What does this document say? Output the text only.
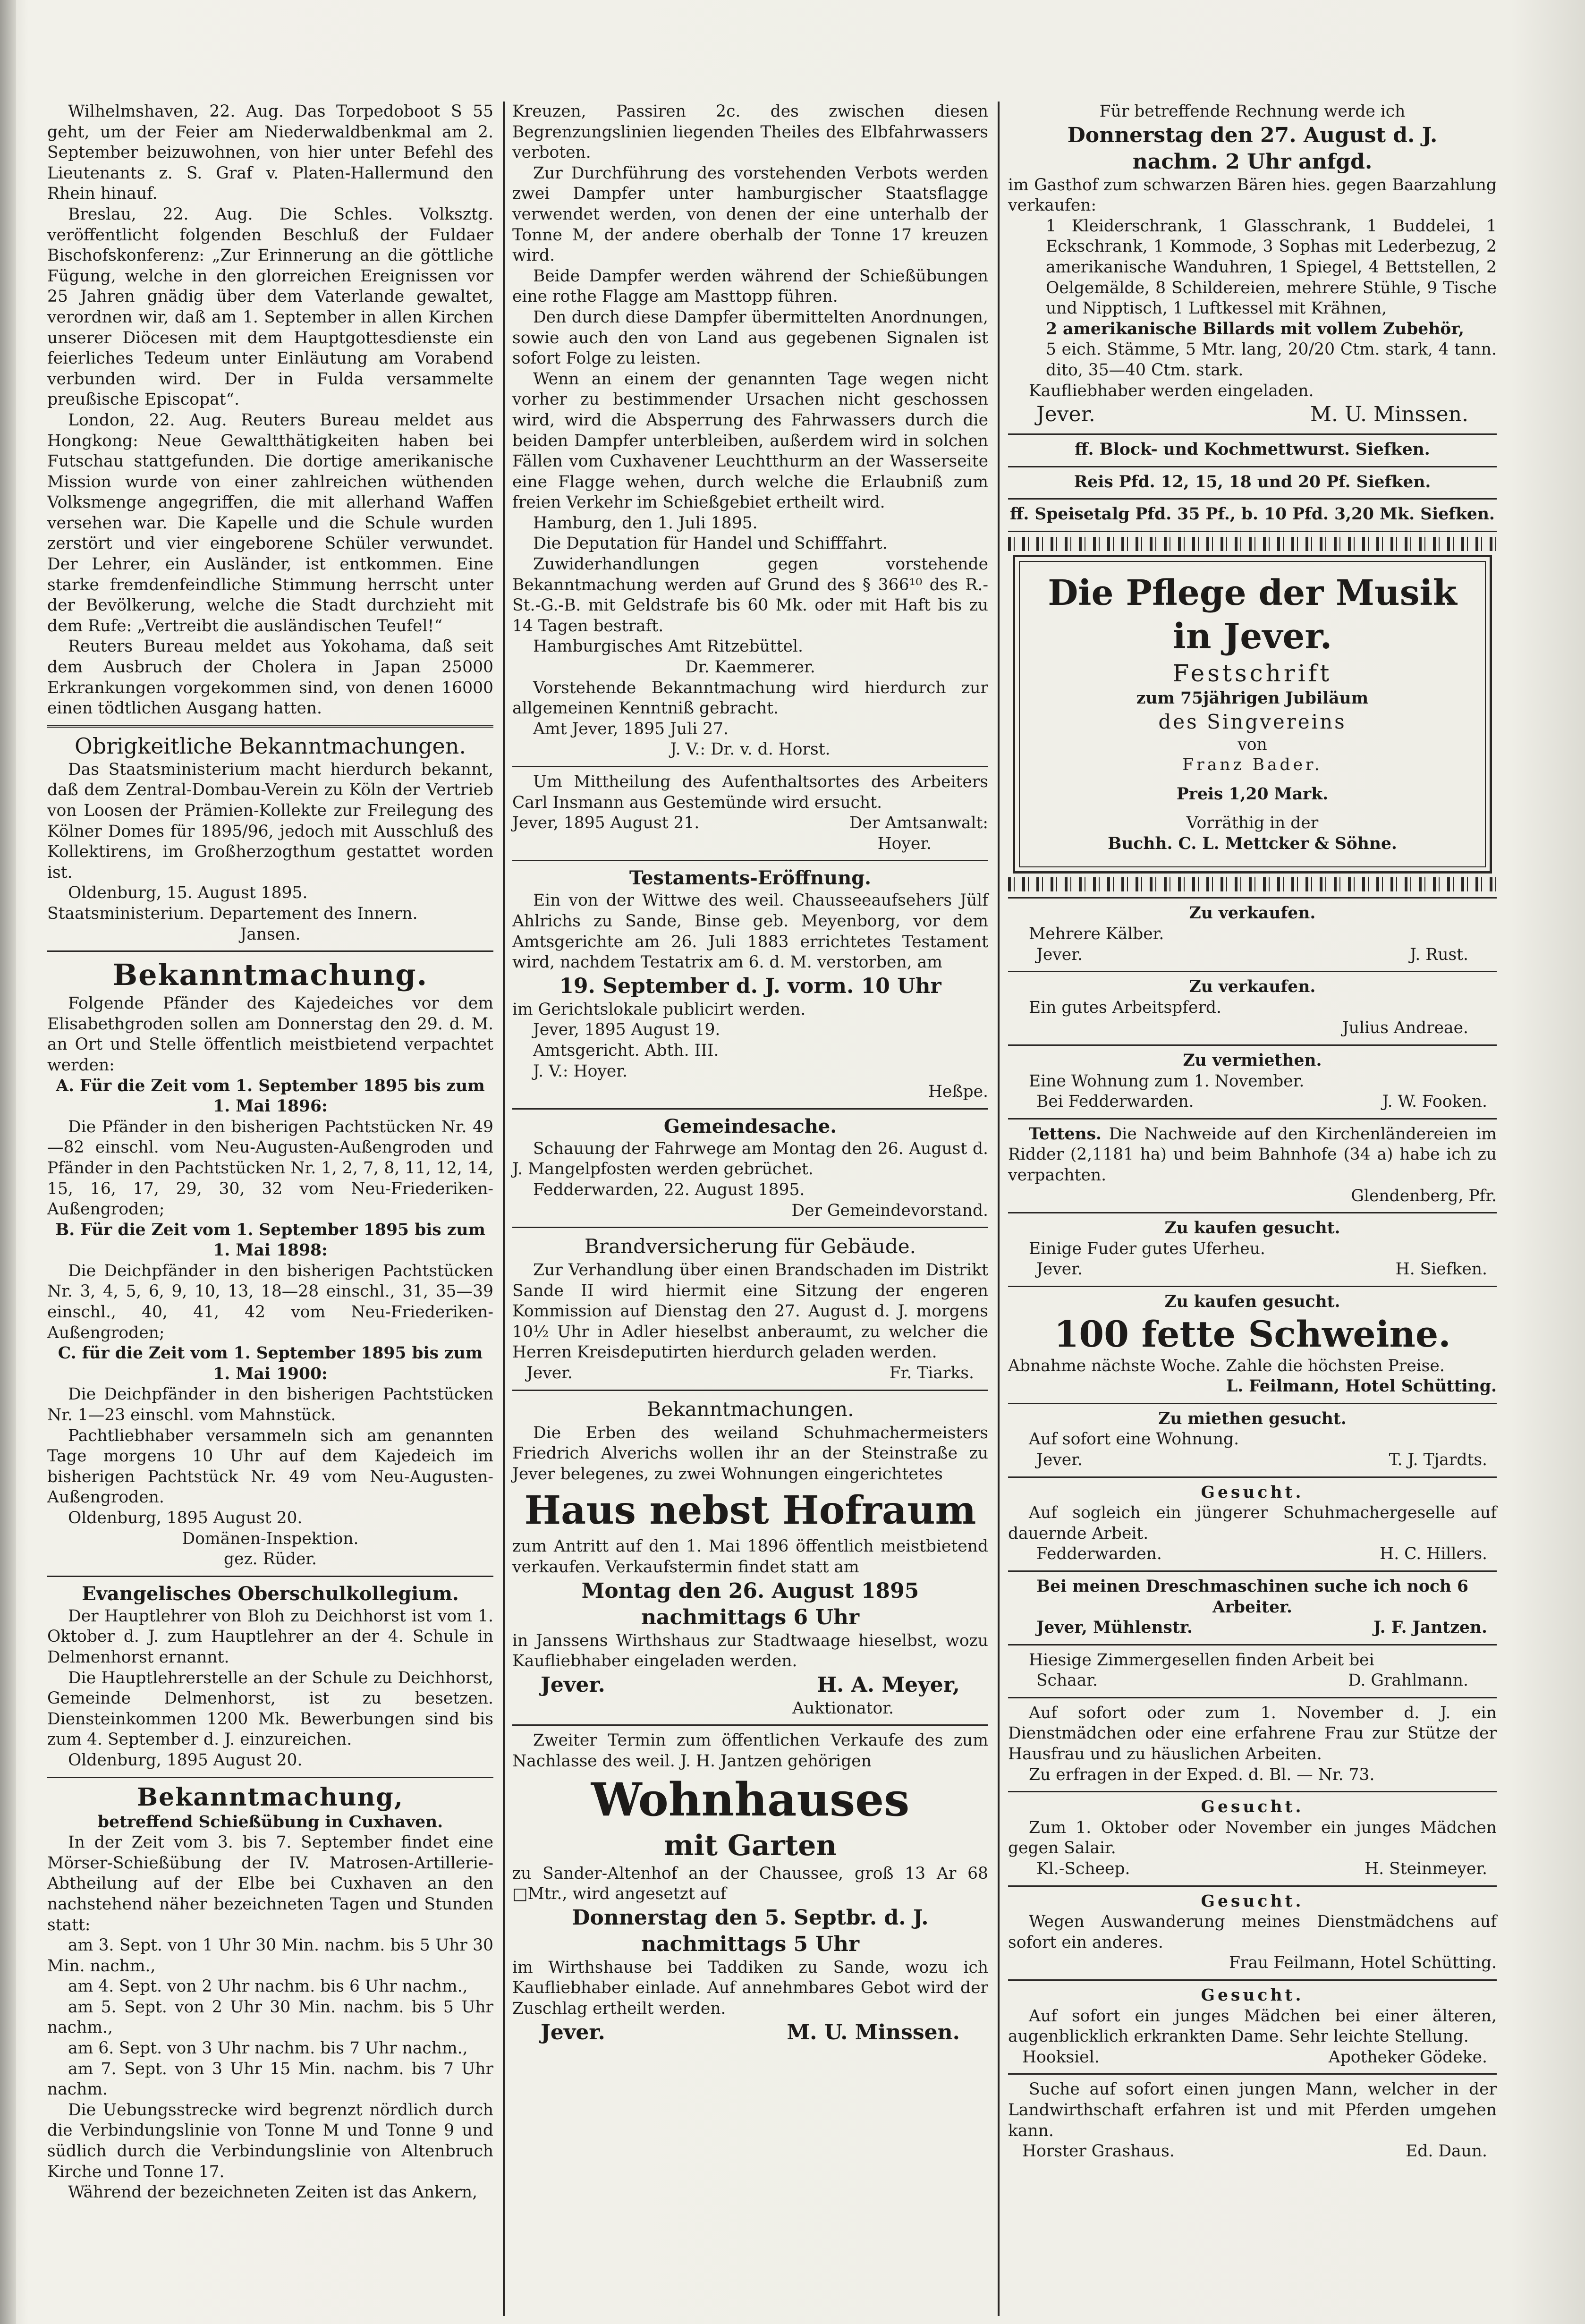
Wilhelmshaven, 22. Aug. Das Torpedoboot S 55 geht, um der Feier am Niederwaldbenkmal am 2. September beizuwohnen, von hier unter Befehl des Lieutenants z. S. Graf v. Platen-Hallermund den Rhein hinauf.

Breslau, 22. Aug. Die Schles. Volksztg. veröffentlicht folgenden Beschluß der Fuldaer Bischofskonferenz: „Zur Erinnerung an die göttliche Fügung, welche in den glorreichen Ereignissen vor 25 Jahren gnädig über dem Vaterlande gewaltet, verordnen wir, daß am 1. September in allen Kirchen unserer Diöcesen mit dem Hauptgottesdienste ein feierliches Tedeum unter Einläutung am Vorabend verbunden wird. Der in Fulda versammelte preußische Episcopat“.

London, 22. Aug. Reuters Bureau meldet aus Hongkong: Neue Gewaltthätigkeiten haben bei Futschau stattgefunden. Die dortige amerikanische Mission wurde von einer zahlreichen wüthenden Volksmenge angegriffen, die mit allerhand Waffen versehen war. Die Kapelle und die Schule wurden zerstört und vier eingeborene Schüler verwundet. Der Lehrer, ein Ausländer, ist entkommen. Eine starke fremdenfeindliche Stimmung herrscht unter der Bevölkerung, welche die Stadt durchzieht mit dem Rufe: „Vertreibt die ausländischen Teufel!“

Reuters Bureau meldet aus Yokohama, daß seit dem Ausbruch der Cholera in Japan 25000 Erkrankungen vorgekommen sind, von denen 16000 einen tödtlichen Ausgang hatten.

Obrigkeitliche Bekanntmachungen.

Das Staatsministerium macht hierdurch bekannt, daß dem Zentral-Dombau-Verein zu Köln der Vertrieb von Loosen der Prämien-Kollekte zur Freilegung des Kölner Domes für 1895/96, jedoch mit Ausschluß des Kollektirens, im Großherzogthum gestattet worden ist.

Oldenburg, 15. August 1895.

Staatsministerium. Departement des Innern.

Jansen.

Bekanntmachung.

Folgende Pfänder des Kajedeiches vor dem Elisabethgroden sollen am Donnerstag den 29. d. M. an Ort und Stelle öffentlich meistbietend verpachtet werden:

A. Für die Zeit vom 1. September 1895 bis zum 1. Mai 1896:

Die Pfänder in den bisherigen Pachtstücken Nr. 49—82 einschl. vom Neu-Augusten-Außengroden und Pfänder in den Pachtstücken Nr. 1, 2, 7, 8, 11, 12, 14, 15, 16, 17, 29, 30, 32 vom Neu-Friederiken-Außengroden;

B. Für die Zeit vom 1. September 1895 bis zum 1. Mai 1898:

Die Deichpfänder in den bisherigen Pachtstücken Nr. 3, 4, 5, 6, 9, 10, 13, 18—28 einschl., 31, 35—39 einschl., 40, 41, 42 vom Neu-Friederiken-Außengroden;

C. für die Zeit vom 1. September 1895 bis zum 1. Mai 1900:

Die Deichpfänder in den bisherigen Pachtstücken Nr. 1—23 einschl. vom Mahnstück.

Pachtliebhaber versammeln sich am genannten Tage morgens 10 Uhr auf dem Kajedeich im bisherigen Pachtstück Nr. 49 vom Neu-Augusten-Außengroden.

Oldenburg, 1895 August 20.

Domänen-Inspektion.

gez. Rüder.

Evangelisches Oberschulkollegium.

Der Hauptlehrer von Bloh zu Deichhorst ist vom 1. Oktober d. J. zum Hauptlehrer an der 4. Schule in Delmenhorst ernannt.

Die Hauptlehrerstelle an der Schule zu Deichhorst, Gemeinde Delmenhorst, ist zu besetzen. Diensteinkommen 1200 Mk. Bewerbungen sind bis zum 4. September d. J. einzureichen.

Oldenburg, 1895 August 20.

Bekanntmachung,

betreffend Schießübung in Cuxhaven.

In der Zeit vom 3. bis 7. September findet eine Mörser-Schießübung der IV. Matrosen-Artillerie-Abtheilung auf der Elbe bei Cuxhaven an den nachstehend näher bezeichneten Tagen und Stunden statt:

am 3. Sept. von 1 Uhr 30 Min. nachm. bis 5 Uhr 30 Min. nachm.,

am 4. Sept. von 2 Uhr nachm. bis 6 Uhr nachm.,

am 5. Sept. von 2 Uhr 30 Min. nachm. bis 5 Uhr nachm.,

am 6. Sept. von 3 Uhr nachm. bis 7 Uhr nachm.,

am 7. Sept. von 3 Uhr 15 Min. nachm. bis 7 Uhr nachm.

Die Uebungsstrecke wird begrenzt nördlich durch die Verbindungslinie von Tonne M und Tonne 9 und südlich durch die Verbindungslinie von Altenbruch Kirche und Tonne 17.

Während der bezeichneten Zeiten ist das Ankern,

Kreuzen, Passiren 2c. des zwischen diesen Begrenzungslinien liegenden Theiles des Elbfahrwassers verboten.

Zur Durchführung des vorstehenden Verbots werden zwei Dampfer unter hamburgischer Staatsflagge verwendet werden, von denen der eine unterhalb der Tonne M, der andere oberhalb der Tonne 17 kreuzen wird.

Beide Dampfer werden während der Schießübungen eine rothe Flagge am Masttopp führen.

Den durch diese Dampfer übermittelten Anordnungen, sowie auch den von Land aus gegebenen Signalen ist sofort Folge zu leisten.

Wenn an einem der genannten Tage wegen nicht vorher zu bestimmender Ursachen nicht geschossen wird, wird die Absperrung des Fahrwassers durch die beiden Dampfer unterbleiben, außerdem wird in solchen Fällen vom Cuxhavener Leuchtthurm an der Wasserseite eine Flagge wehen, durch welche die Erlaubniß zum freien Verkehr im Schießgebiet ertheilt wird.

Hamburg, den 1. Juli 1895.

Die Deputation für Handel und Schifffahrt.

Zuwiderhandlungen gegen vorstehende Bekanntmachung werden auf Grund des § 366¹⁰ des R.-St.-G.-B. mit Geldstrafe bis 60 Mk. oder mit Haft bis zu 14 Tagen bestraft.

Hamburgisches Amt Ritzebüttel.

Dr. Kaemmerer.

Vorstehende Bekanntmachung wird hierdurch zur allgemeinen Kenntniß gebracht.

Amt Jever, 1895 Juli 27.

J. V.: Dr. v. d. Horst.

Um Mittheilung des Aufenthaltsortes des Arbeiters Carl Insmann aus Gestemünde wird ersucht.

Jever, 1895 August 21.	Der Amtsanwalt:

Hoyer.

Testaments-Eröffnung.

Ein von der Wittwe des weil. Chausseeaufsehers Jülf Ahlrichs zu Sande, Binse geb. Meyenborg, vor dem Amtsgerichte am 26. Juli 1883 errichtetes Testament wird, nachdem Testatrix am 6. d. M. verstorben, am

19. September d. J. vorm. 10 Uhr

im Gerichtslokale publicirt werden.

Jever, 1895 August 19.

Amtsgericht. Abth. III.

J. V.: Hoyer.

Heßpe.

Gemeindesache.

Schauung der Fahrwege am Montag den 26. August d. J. Mangelpfosten werden gebrüchet.

Fedderwarden, 22. August 1895.

Der Gemeindevorstand.

Brandversicherung für Gebäude.

Zur Verhandlung über einen Brandschaden im Distrikt Sande II wird hiermit eine Sitzung der engeren Kommission auf Dienstag den 27. August d. J. morgens 10½ Uhr in Adler hieselbst anberaumt, zu welcher die Herren Kreisdeputirten hierdurch geladen werden.

Jever.	Fr. Tiarks.

Bekanntmachungen.

Die Erben des weiland Schuhmachermeisters Friedrich Alverichs wollen ihr an der Steinstraße zu Jever belegenes, zu zwei Wohnungen eingerichtetes

Haus nebst Hofraum

zum Antritt auf den 1. Mai 1896 öffentlich meistbietend verkaufen. Verkaufstermin findet statt am

Montag den 26. August 1895

nachmittags 6 Uhr

in Janssens Wirthshaus zur Stadtwaage hieselbst, wozu Kaufliebhaber eingeladen werden.

Jever.	H. A. Meyer,

Auktionator.

Zweiter Termin zum öffentlichen Verkaufe des zum Nachlasse des weil. J. H. Jantzen gehörigen

Wohnhauses

mit Garten

zu Sander-Altenhof an der Chaussee, groß 13 Ar 68 □Mtr., wird angesetzt auf

Donnerstag den 5. Septbr. d. J.

nachmittags 5 Uhr

im Wirthshause bei Taddiken zu Sande, wozu ich Kaufliebhaber einlade. Auf annehmbares Gebot wird der Zuschlag ertheilt werden.

Jever.	M. U. Minssen.

Für betreffende Rechnung werde ich

Donnerstag den 27. August d. J.

nachm. 2 Uhr anfgd.

im Gasthof zum schwarzen Bären hies. gegen Baarzahlung verkaufen:

1 Kleiderschrank, 1 Glasschrank, 1 Buddelei, 1 Eckschrank, 1 Kommode, 3 Sophas mit Lederbezug, 2 amerikanische Wanduhren, 1 Spiegel, 4 Bettstellen, 2 Oelgemälde, 8 Schildereien, mehrere Stühle, 9 Tische und Nipptisch, 1 Luftkessel mit Krähnen,

2 amerikanische Billards mit vollem Zubehör,

5 eich. Stämme, 5 Mtr. lang, 20/20 Ctm. stark, 4 tann. dito, 35—40 Ctm. stark.

Kaufliebhaber werden eingeladen.

Jever.	M. U. Minssen.

ff. Block- und Kochmettwurst. Siefken.

Reis Pfd. 12, 15, 18 und 20 Pf. Siefken.

ff. Speisetalg Pfd. 35 Pf., b. 10 Pfd. 3,20 Mk. Siefken.

Die Pflege der Musik

in Jever.

Festschrift

zum 75jährigen Jubiläum

des Singvereins

von

Franz Bader.

Preis 1,20 Mark.

Vorräthig in der

Buchh. C. L. Mettcker & Söhne.

Zu verkaufen.

Mehrere Kälber.

Jever.	J. Rust.

Zu verkaufen.

Ein gutes Arbeitspferd.

Julius Andreae.

Zu vermiethen.

Eine Wohnung zum 1. November.

Bei Fedderwarden.	J. W. Fooken.

Tettens. Die Nachweide auf den Kirchenländereien im Ridder (2,1181 ha) und beim Bahnhofe (34 a) habe ich zu verpachten.

Glendenberg, Pfr.

Zu kaufen gesucht.

Einige Fuder gutes Uferheu.

Jever.	H. Siefken.

Zu kaufen gesucht.

100 fette Schweine.

Abnahme nächste Woche. Zahle die höchsten Preise.

L. Feilmann, Hotel Schütting.

Zu miethen gesucht.

Auf sofort eine Wohnung.

Jever.	T. J. Tjardts.

Gesucht.

Auf sogleich ein jüngerer Schuhmachergeselle auf dauernde Arbeit.

Fedderwarden.	H. C. Hillers.

Bei meinen Dreschmaschinen suche ich noch 6 Arbeiter.

Jever, Mühlenstr.	J. F. Jantzen.

Hiesige Zimmergesellen finden Arbeit bei

Schaar.	D. Grahlmann.

Auf sofort oder zum 1. November d. J. ein Dienstmädchen oder eine erfahrene Frau zur Stütze der Hausfrau und zu häuslichen Arbeiten.

Zu erfragen in der Exped. d. Bl. — Nr. 73.

Gesucht.

Zum 1. Oktober oder November ein junges Mädchen gegen Salair.

Kl.-Scheep.	H. Steinmeyer.

Gesucht.

Wegen Auswanderung meines Dienstmädchens auf sofort ein anderes.

Frau Feilmann, Hotel Schütting.

Gesucht.

Auf sofort ein junges Mädchen bei einer älteren, augenblicklich erkrankten Dame. Sehr leichte Stellung.

Hooksiel.	Apotheker Gödeke.

Suche auf sofort einen jungen Mann, welcher in der Landwirthschaft erfahren ist und mit Pferden umgehen kann.

Horster Grashaus.	Ed. Daun.
